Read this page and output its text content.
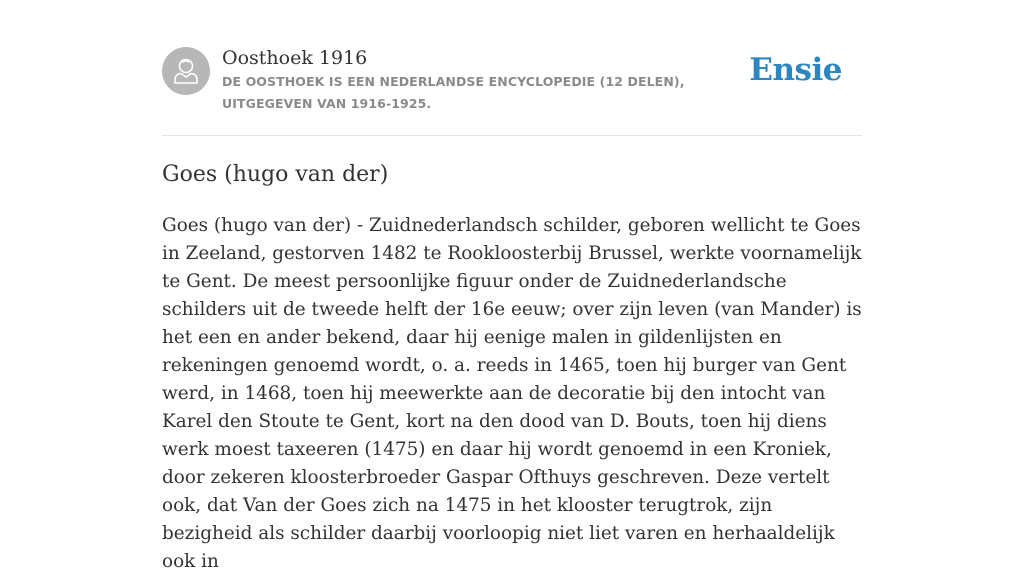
Oosthoek 1916

DE OOSTHOEK IS EEN NEDERLANDSE ENCYCLOPEDIE (12 DELEN), UITGEGEVEN VAN 1916-1925.

Ensie
Goes (hugo van der)

Goes (hugo van der) - Zuidnederlandsch schilder, geboren wellicht te Goes in Zeeland, gestorven 1482 te Rookloosterbij Brussel, werkte voornamelijk te Gent. De meest persoonlijke figuur onder de Zuidnederlandsche schilders uit de tweede helft der 16e eeuw; over zijn leven (van Mander) is het een en ander bekend, daar hij eenige malen in gildenlijsten en rekeningen genoemd wordt, o. a. reeds in 1465, toen hij burger van Gent werd, in 1468, toen hij meewerkte aan de decoratie bij den intocht van Karel den Stoute te Gent, kort na den dood van D. Bouts, toen hij diens werk moest taxeeren (1475) en daar hij wordt genoemd in een Kroniek, door zekeren kloosterbroeder Gaspar Ofthuys geschreven. Deze vertelt ook, dat Van der Goes zich na 1475 in het klooster terugtrok, zijn bezigheid als schilder daarbij voorloopig niet liet varen en herhaaldelijk ook in
